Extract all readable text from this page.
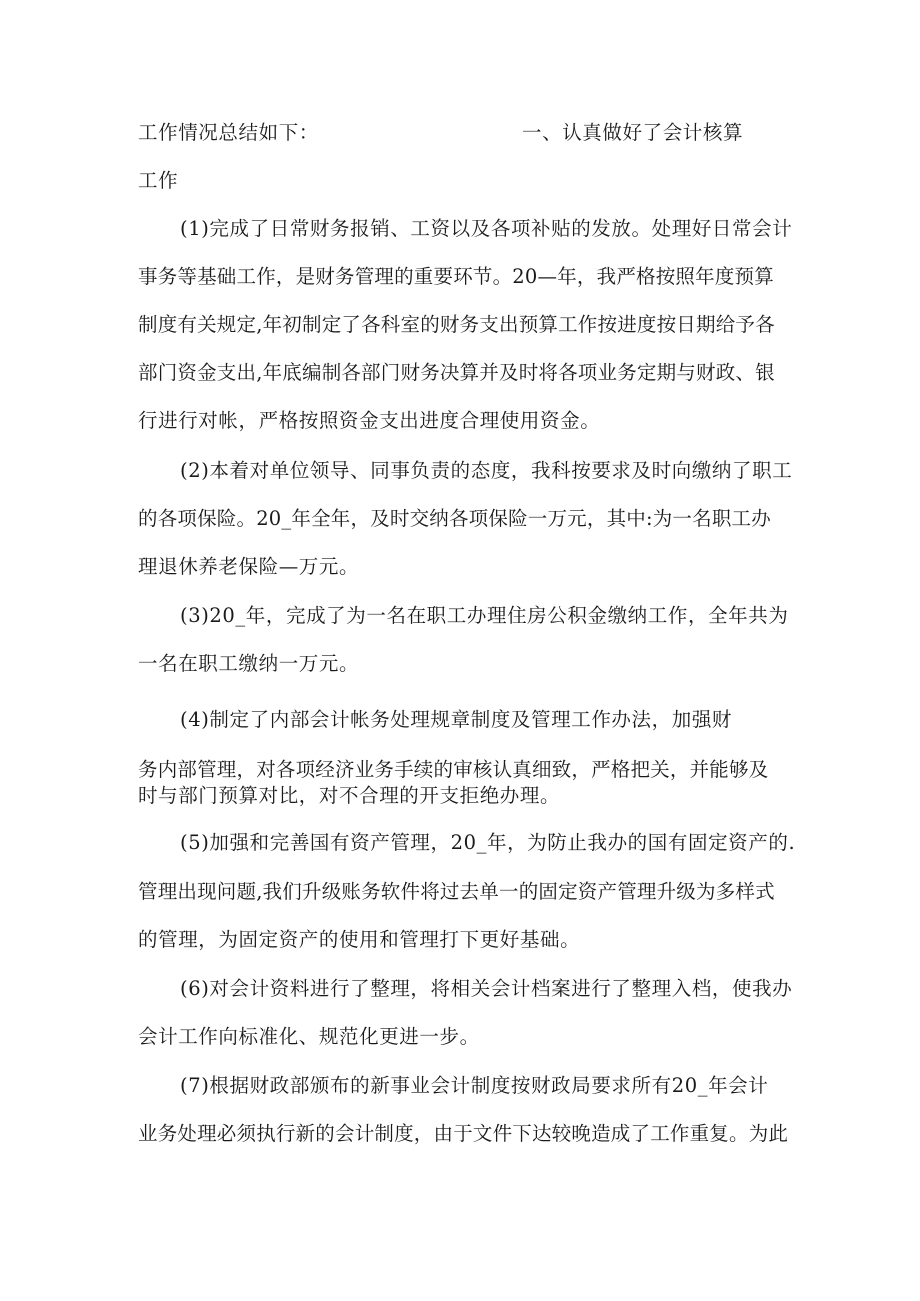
工作情况总结如下：	一、认真做好了会计核算
工作
(1)完成了日常财务报销、工资以及各项补贴的发放。处理好日常会计
事务等基础工作，是财务管理的重要环节。20—年，我严格按照年度预算
制度有关规定,年初制定了各科室的财务支出预算工作按进度按日期给予各
部门资金支出,年底编制各部门财务决算并及时将各项业务定期与财政、银
行进行对帐，严格按照资金支出进度合理使用资金。
(2)本着对单位领导、同事负责的态度，我科按要求及时向缴纳了职工
的各项保险。20_年全年，及时交纳各项保险一万元，其中:为一名职工办
理退休养老保险—万元。
(3)20_年，完成了为一名在职工办理住房公积金缴纳工作，全年共为
一名在职工缴纳一万元。
(4)制定了内部会计帐务处理规章制度及管理工作办法，加强财
务内部管理，对各项经济业务手续的审核认真细致，严格把关，并能够及
时与部门预算对比，对不合理的开支拒绝办理。
(5)加强和完善国有资产管理，20_年，为防止我办的国有固定资产的.
管理出现问题,我们升级账务软件将过去单一的固定资产管理升级为多样式
的管理，为固定资产的使用和管理打下更好基础。
(6)对会计资料进行了整理，将相关会计档案进行了整理入档，使我办
会计工作向标准化、规范化更进一步。
(7)根据财政部颁布的新事业会计制度按财政局要求所有20_年会计
业务处理必须执行新的会计制度，由于文件下达较晚造成了工作重复。为此
